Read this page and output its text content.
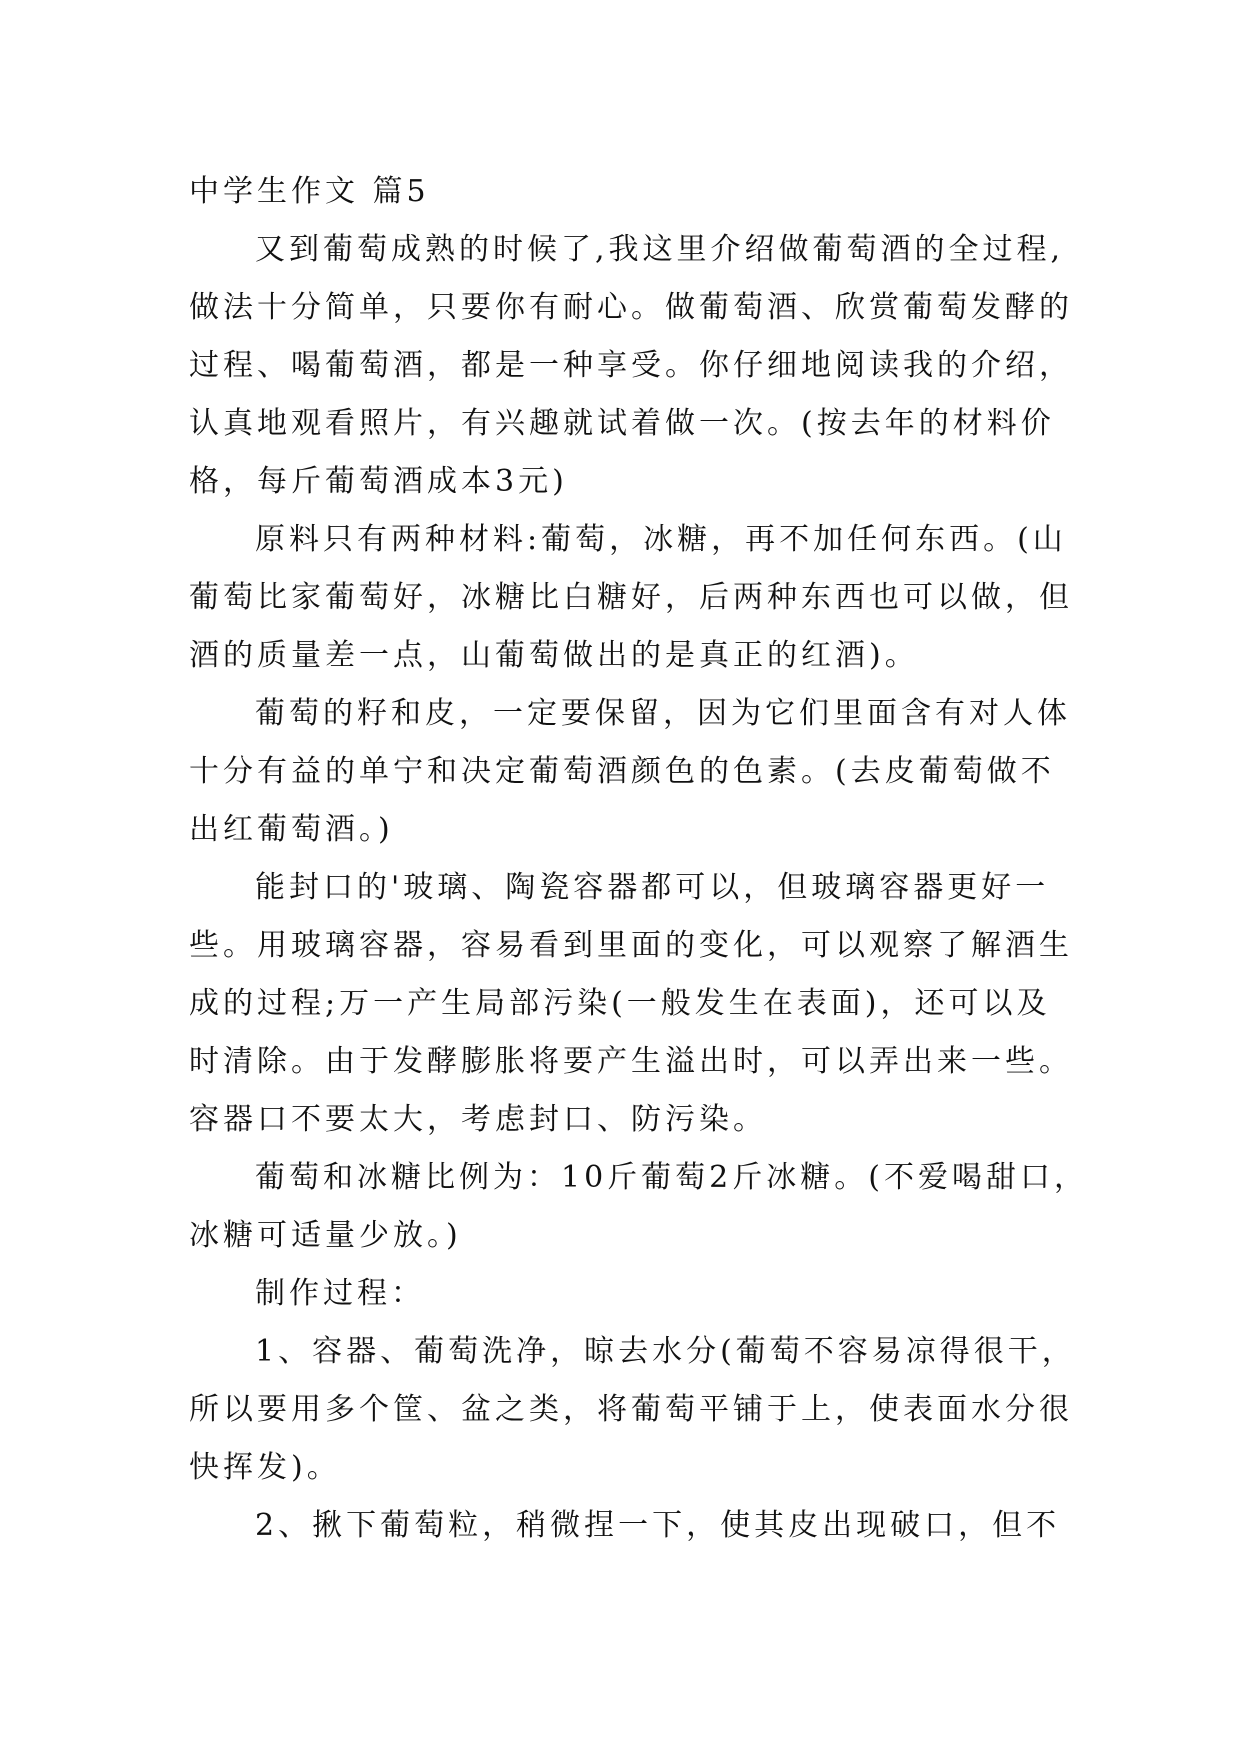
中学生作文 篇5
又到葡萄成熟的时候了,我这里介绍做葡萄酒的全过程,
做法十分简单，只要你有耐心。做葡萄酒、欣赏葡萄发酵的
过程、喝葡萄酒，都是一种享受。你仔细地阅读我的介绍，
认真地观看照片，有兴趣就试着做一次。(按去年的材料价
格，每斤葡萄酒成本3元)
原料只有两种材料:葡萄，冰糖，再不加任何东西。(山
葡萄比家葡萄好，冰糖比白糖好，后两种东西也可以做，但
酒的质量差一点，山葡萄做出的是真正的红酒)。
葡萄的籽和皮，一定要保留，因为它们里面含有对人体
十分有益的单宁和决定葡萄酒颜色的色素。(去皮葡萄做不
出红葡萄酒。)
能封口的'玻璃、陶瓷容器都可以，但玻璃容器更好一
些。用玻璃容器，容易看到里面的变化，可以观察了解酒生
成的过程;万一产生局部污染(一般发生在表面)，还可以及
时清除。由于发酵膨胀将要产生溢出时，可以弄出来一些。
容器口不要太大，考虑封口、防污染。
葡萄和冰糖比例为：10斤葡萄2斤冰糖。(不爱喝甜口，
冰糖可适量少放。)
制作过程：
1、容器、葡萄洗净，晾去水分(葡萄不容易凉得很干，
所以要用多个筐、盆之类，将葡萄平铺于上，使表面水分很
快挥发)。
2、揪下葡萄粒，稍微捏一下，使其皮出现破口，但不
